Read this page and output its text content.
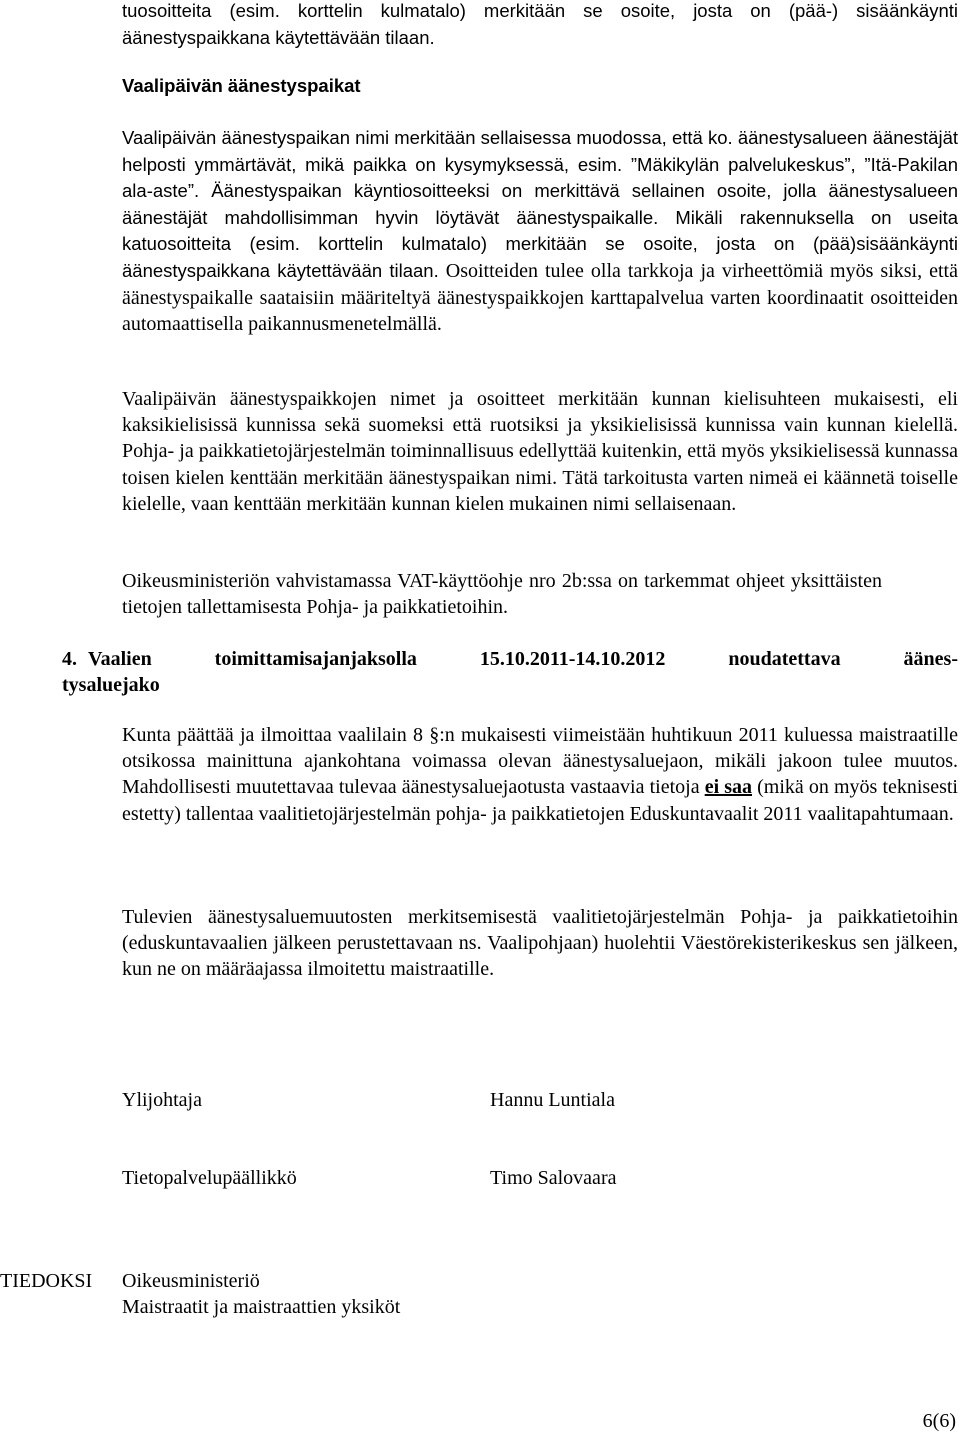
tuosoitteita (esim. korttelin kulmatalo) merkitään se osoite, josta on (pää-) sisäänkäynti äänestyspaikkana käytettävään tilaan.

Vaalipäivän äänestyspaikat

Vaalipäivän äänestyspaikan nimi merkitään sellaisessa muodossa, että ko. äänestysalueen äänestäjät helposti ymmärtävät, mikä paikka on kysymyksessä, esim. ”Mäkikylän palvelukeskus”, ”Itä-Pakilan ala-aste”. Äänestyspaikan käyntiosoitteeksi on merkittävä sellainen osoite, jolla äänestysalueen äänestäjät mahdollisimman hyvin löytävät äänestyspaikalle. Mikäli rakennuksella on useita katuosoitteita (esim. korttelin kulmatalo) merkitään se osoite, josta on (pää)sisäänkäynti äänestyspaikkana käytettävään tilaan. Osoitteiden tulee olla tarkkoja ja virheettömiä myös siksi, että äänestyspaikalle saataisiin määriteltyä äänestyspaikkojen karttapalvelua varten koordinaatit osoitteiden automaattisella paikannusmenetelmällä.

Vaalipäivän äänestyspaikkojen nimet ja osoitteet merkitään kunnan kielisuhteen mukaisesti, eli kaksikielisissä kunnissa sekä suomeksi että ruotsiksi ja yksikielisissä kunnissa vain kunnan kielellä. Pohja- ja paikkatietojärjestelmän toiminnallisuus edellyttää kuitenkin, että myös yksikielisessä kunnassa toisen kielen kenttään merkitään äänestyspaikan nimi. Tätä tarkoitusta varten nimeä ei käännetä toiselle kielelle, vaan kenttään merkitään kunnan kielen mukainen nimi sellaisenaan.

Oikeusministeriön vahvistamassa VAT-käyttöohje nro 2b:ssa on tarkemmat ohjeet yksittäisten tietojen tallettamisesta Pohja- ja paikkatietoihin.

4. Vaalien toimittamisajanjaksolla 15.10.2011-14.10.2012 noudatettava äänes-
tysaluejako

Kunta päättää ja ilmoittaa vaalilain 8 §:n mukaisesti viimeistään huhtikuun 2011 kuluessa maistraatille otsikossa mainittuna ajankohtana voimassa olevan äänestysaluejaon, mikäli jakoon tulee muutos. Mahdollisesti muutettavaa tulevaa äänestysaluejaotusta vastaavia tietoja ei saa (mikä on myös teknisesti estetty) tallentaa vaalitietojärjestelmän pohja- ja paikkatietojen Eduskuntavaalit 2011 vaalitapahtumaan.

Tulevien äänestysaluemuutosten merkitsemisestä vaalitietojärjestelmän Pohja- ja paikkatietoihin (eduskuntavaalien jälkeen perustettavaan ns. Vaalipohjaan) huolehtii Väestörekisterikeskus sen jälkeen, kun ne on määräajassa ilmoitettu maistraatille.

Ylijohtaja	Hannu Luntiala
Tietopalvelupäällikkö	Timo Salovaara
TIEDOKSI Oikeusministeriö
Maistraatit ja maistraattien yksiköt
6(6)
